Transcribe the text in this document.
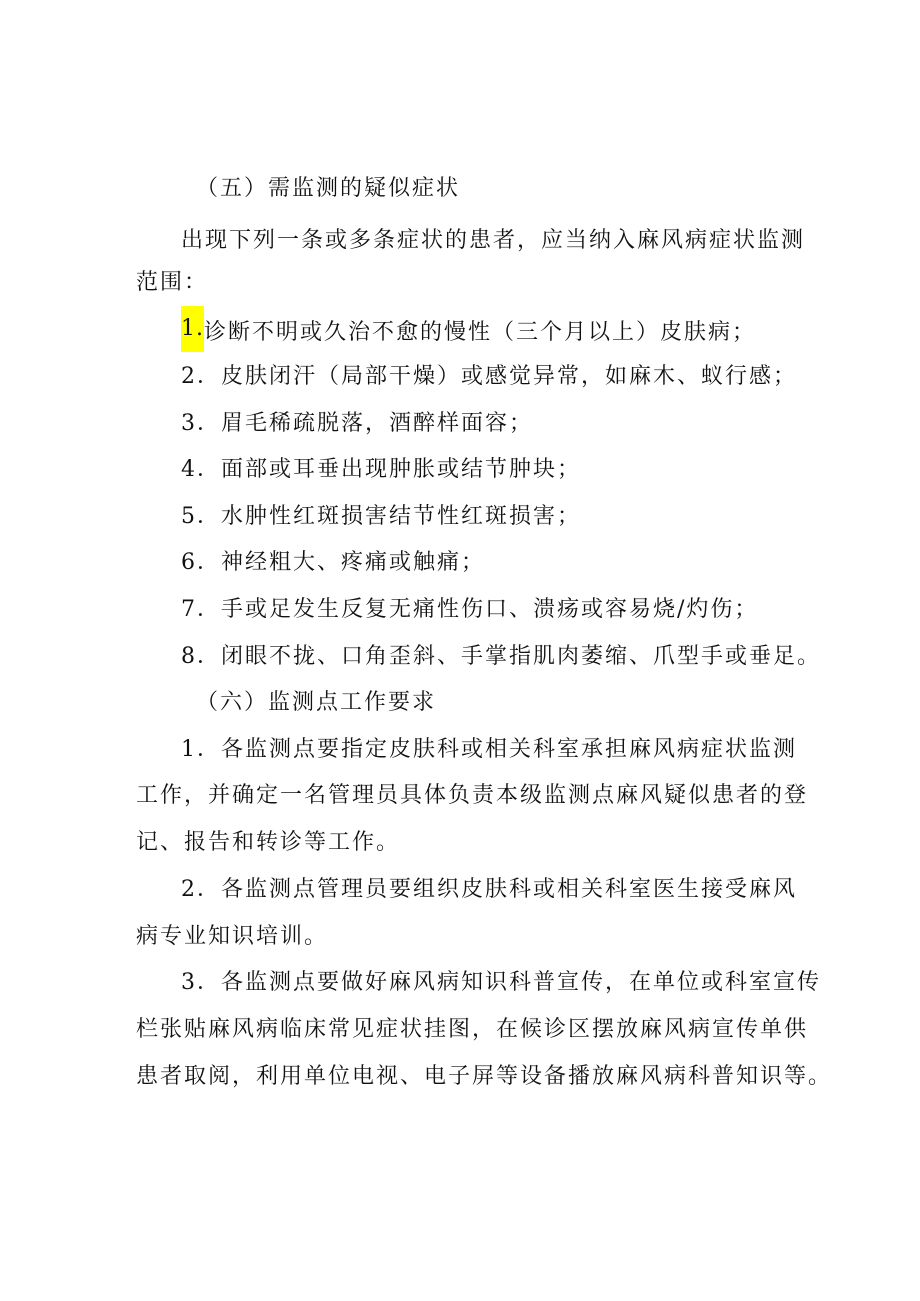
（五）需监测的疑似症状
出现下列一条或多条症状的患者，应当纳入麻风病症状监测
范围：
1.诊断不明或久治不愈的慢性（三个月以上）皮肤病；
2．皮肤闭汗（局部干燥）或感觉异常，如麻木、蚁行感；
3．眉毛稀疏脱落，酒醉样面容；
4．面部或耳垂出现肿胀或结节肿块；
5．水肿性红斑损害结节性红斑损害；
6．神经粗大、疼痛或触痛；
7．手或足发生反复无痛性伤口、溃疡或容易烧/灼伤；
8．闭眼不拢、口角歪斜、手掌指肌肉萎缩、爪型手或垂足。
（六）监测点工作要求
1．各监测点要指定皮肤科或相关科室承担麻风病症状监测
工作，并确定一名管理员具体负责本级监测点麻风疑似患者的登
记、报告和转诊等工作。
2．各监测点管理员要组织皮肤科或相关科室医生接受麻风
病专业知识培训。
3．各监测点要做好麻风病知识科普宣传，在单位或科室宣传
栏张贴麻风病临床常见症状挂图，在候诊区摆放麻风病宣传单供
患者取阅，利用单位电视、电子屏等设备播放麻风病科普知识等。
